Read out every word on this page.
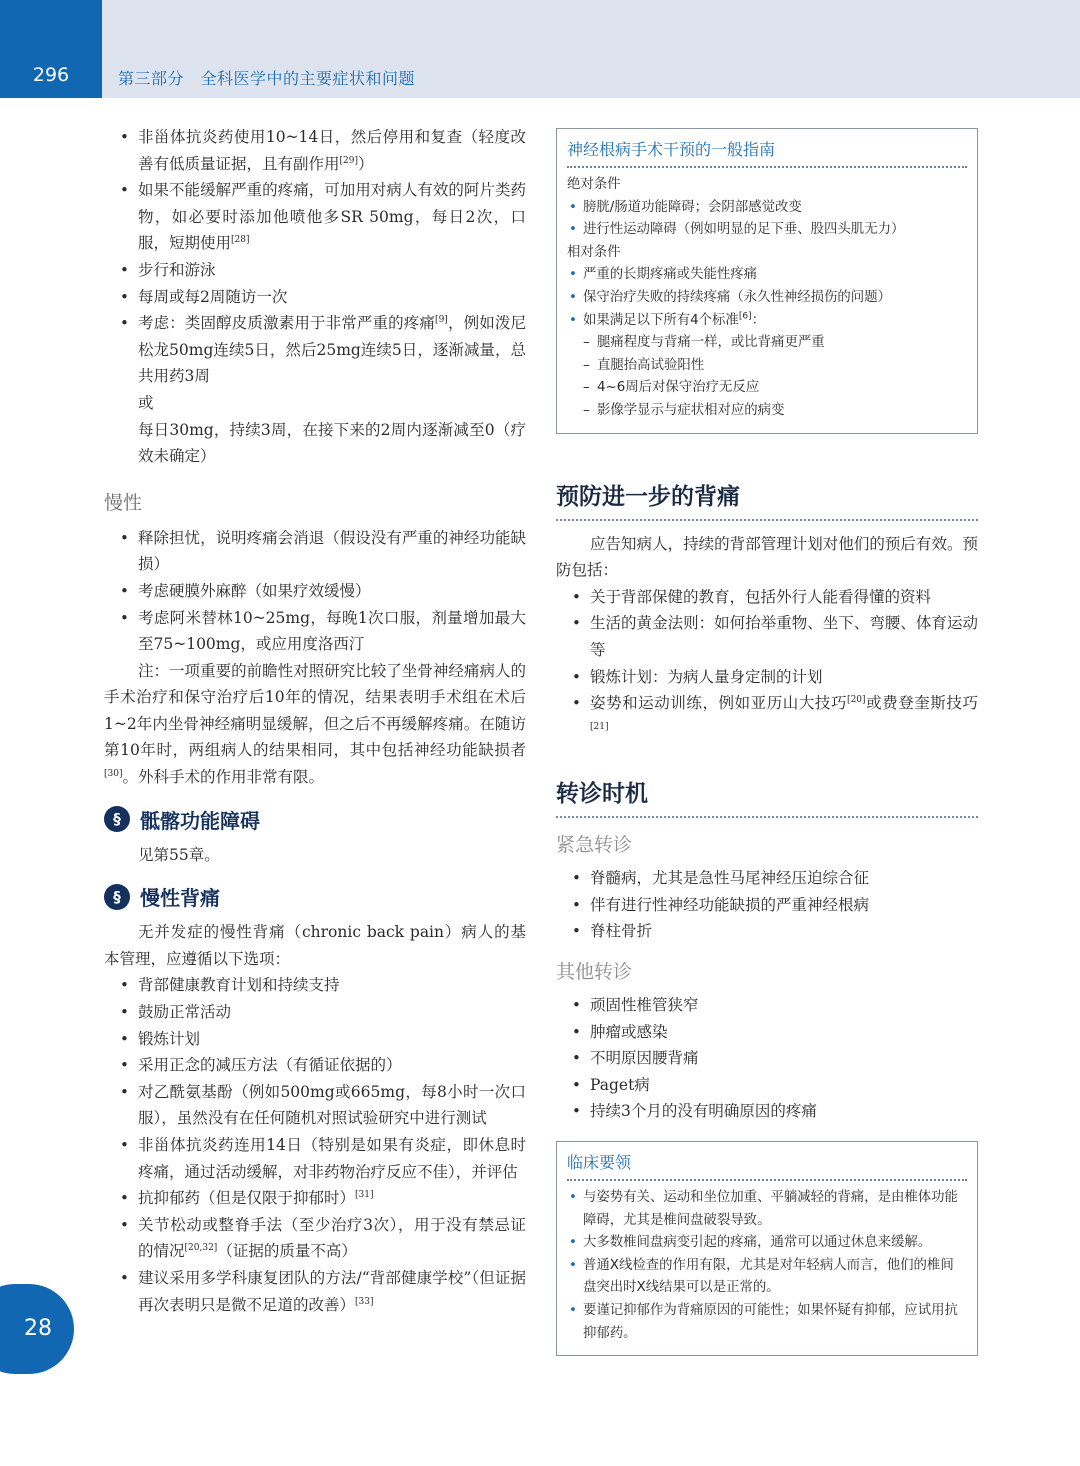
296	第三部分　全科医学中的主要症状和问题
28
• 非甾体抗炎药使用10~14日，然后停用和复查（轻度改善有低质量证据，且有副作用[29]）
• 如果不能缓解严重的疼痛，可加用对病人有效的阿片类药物，如必要时添加他喷他多SR 50mg，每日2次，口服，短期使用[28]
• 步行和游泳
• 每周或每2周随访一次
• 考虑：类固醇皮质激素用于非常严重的疼痛[9]，例如泼尼松龙50mg连续5日，然后25mg连续5日，逐渐减量，总共用药3周
或
每日30mg，持续3周，在接下来的2周内逐渐减至0（疗效未确定）
慢性
• 释除担忧，说明疼痛会消退（假设没有严重的神经功能缺损）
• 考虑硬膜外麻醉（如果疗效缓慢）
• 考虑阿米替林10~25mg，每晚1次口服，剂量增加最大至75~100mg，或应用度洛西汀

注：一项重要的前瞻性对照研究比较了坐骨神经痛病人的手术治疗和保守治疗后10年的情况，结果表明手术组在术后1~2年内坐骨神经痛明显缓解，但之后不再缓解疼痛。在随访第10年时，两组病人的结果相同，其中包括神经功能缺损者[30]。外科手术的作用非常有限。

§ 骶髂功能障碍
见第55章。
§ 慢性背痛

无并发症的慢性背痛（chronic back pain）病人的基本管理，应遵循以下选项：

• 背部健康教育计划和持续支持
• 鼓励正常活动
• 锻炼计划
• 采用正念的减压方法（有循证依据的）
• 对乙酰氨基酚（例如500mg或665mg，每8小时一次口服），虽然没有在任何随机对照试验研究中进行测试
• 非甾体抗炎药连用14日（特别是如果有炎症，即休息时疼痛，通过活动缓解，对非药物治疗反应不佳），并评估
• 抗抑郁药（但是仅限于抑郁时）[31]
• 关节松动或整脊手法（至少治疗3次），用于没有禁忌证的情况[20,32]（证据的质量不高）
• 建议采用多学科康复团队的方法/“背部健康学校”（但证据再次表明只是微不足道的改善）[33]
神经根病手术干预的一般指南
绝对条件
• 膀胱/肠道功能障碍；会阴部感觉改变
• 进行性运动障碍（例如明显的足下垂、股四头肌无力）
相对条件
• 严重的长期疼痛或失能性疼痛
• 保守治疗失败的持续疼痛（永久性神经损伤的问题）
• 如果满足以下所有4个标准[6]：
– 腿痛程度与背痛一样，或比背痛更严重
– 直腿抬高试验阳性
– 4~6周后对保守治疗无反应
– 影像学显示与症状相对应的病变
预防进一步的背痛

应告知病人，持续的背部管理计划对他们的预后有效。预防包括：

• 关于背部保健的教育，包括外行人能看得懂的资料
• 生活的黄金法则：如何抬举重物、坐下、弯腰、体育运动等
• 锻炼计划：为病人量身定制的计划
• 姿势和运动训练，例如亚历山大技巧[20]或费登奎斯技巧[21]
转诊时机
紧急转诊
• 脊髓病，尤其是急性马尾神经压迫综合征
• 伴有进行性神经功能缺损的严重神经根病
• 脊柱骨折
其他转诊
• 顽固性椎管狭窄
• 肿瘤或感染
• 不明原因腰背痛
• Paget病
• 持续3个月的没有明确原因的疼痛
临床要领
• 与姿势有关、运动和坐位加重、平躺减轻的背痛，是由椎体功能障碍，尤其是椎间盘破裂导致。
• 大多数椎间盘病变引起的疼痛，通常可以通过休息来缓解。
• 普通X线检查的作用有限，尤其是对年轻病人而言，他们的椎间盘突出时X线结果可以是正常的。
• 要谨记抑郁作为背痛原因的可能性；如果怀疑有抑郁，应试用抗抑郁药。
